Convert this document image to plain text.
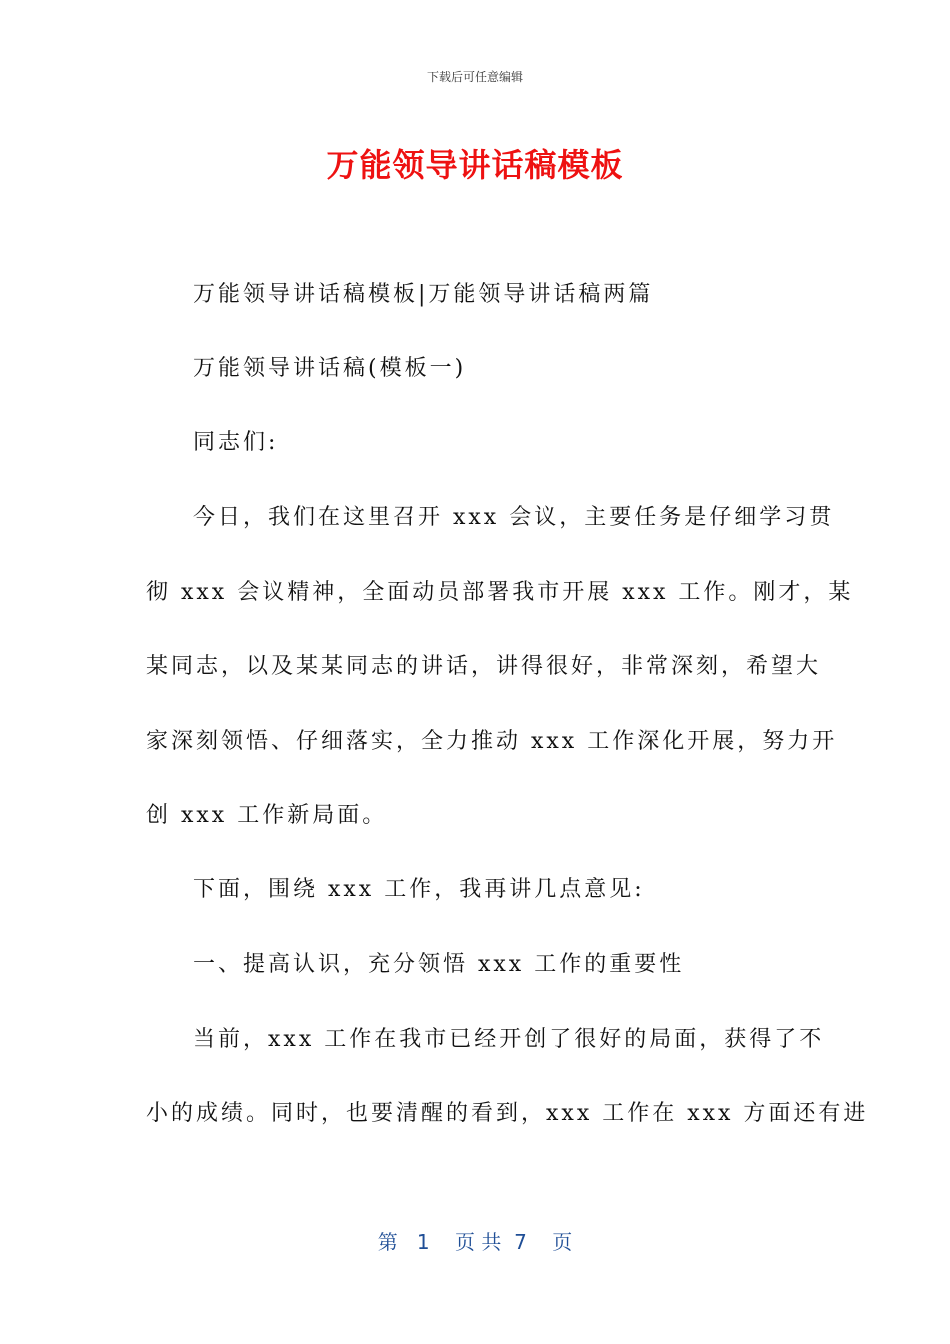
下载后可任意编辑
万能领导讲话稿模板
万能领导讲话稿模板|万能领导讲话稿两篇
万能领导讲话稿(模板一)
同志们:
今日，我们在这里召开 xxx 会议，主要任务是仔细学习贯
彻 xxx 会议精神，全面动员部署我市开展 xxx 工作。刚才，某
某同志，以及某某同志的讲话，讲得很好，非常深刻，希望大
家深刻领悟、仔细落实，全力推动 xxx 工作深化开展，努力开
创 xxx 工作新局面。
下面，围绕 xxx 工作，我再讲几点意见:
一、提高认识，充分领悟 xxx 工作的重要性
当前，xxx 工作在我市已经开创了很好的局面，获得了不
小的成绩。同时，也要清醒的看到，xxx 工作在 xxx 方面还有进
第   1    页 共  7    页
